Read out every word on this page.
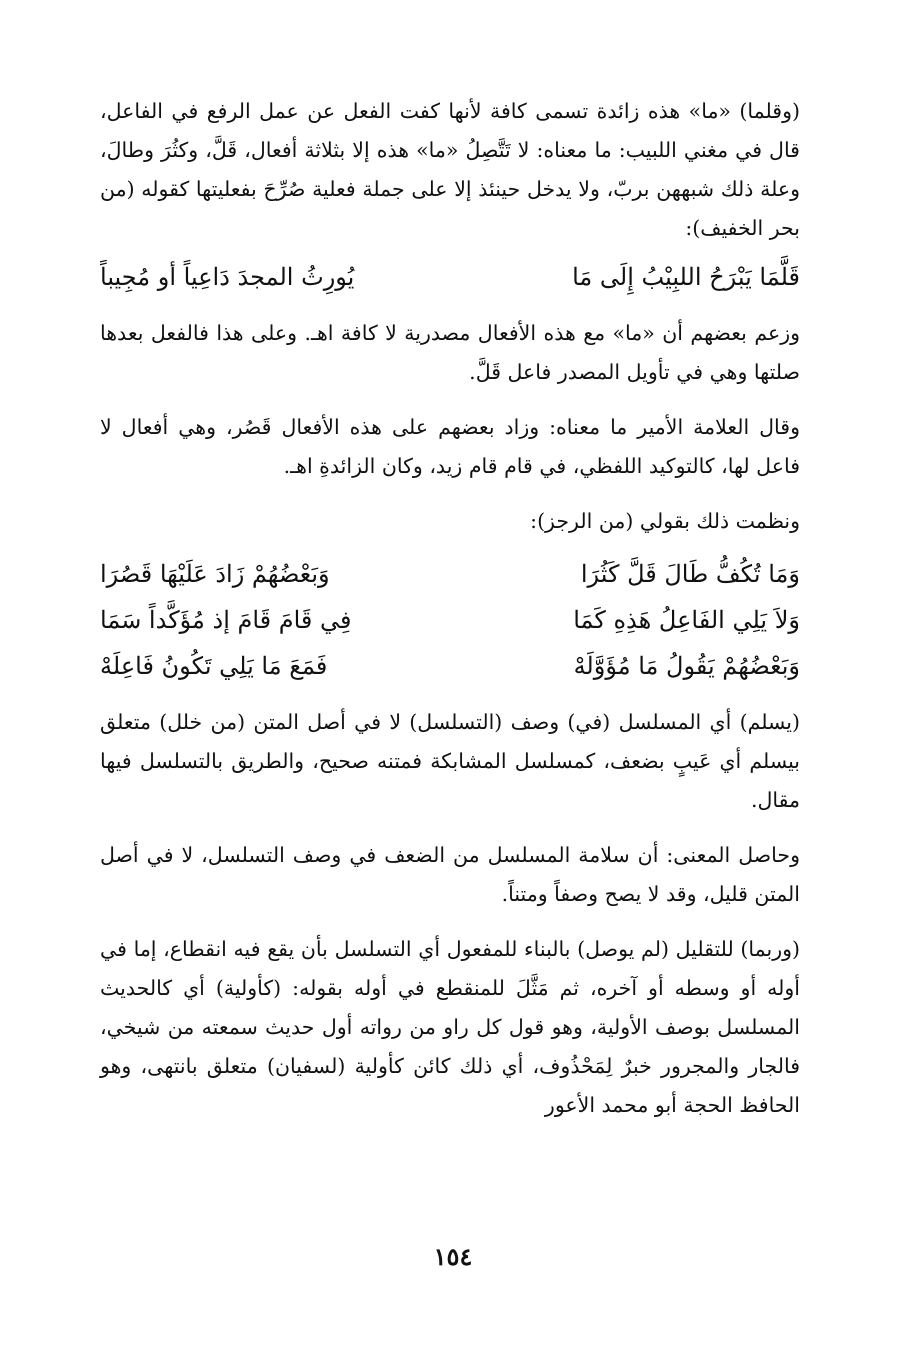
(وقلما) «ما» هذه زائدة تسمى كافة لأنها كفت الفعل عن عمل الرفع في الفاعل، قال في مغني اللبيب: ما معناه: لا تَتَّصِلُ «ما» هذه إلا بثلاثة أفعال، قَلَّ، وكثُرَ وطالَ، وعلة ذلك شبههن بربّ، ولا يدخل حينئذ إلا على جملة فعلية صُرِّحَ بفعليتها كقوله (من بحر الخفيف):

قَلَّمَا يَبْرَحُ اللبِيْبُ إِلَى مَا
يُورِثُ المجدَ دَاعِياً أو مُجِيباً

وزعم بعضهم أن «ما» مع هذه الأفعال مصدرية لا كافة اهـ. وعلى هذا فالفعل بعدها صلتها وهي في تأويل المصدر فاعل قَلَّ.

وقال العلامة الأمير ما معناه: وزاد بعضهم على هذه الأفعال قَصُر، وهي أفعال لا فاعل لها، كالتوكيد اللفظي، في قام قام زيد، وكان الزائدةِ اهـ.

ونظمت ذلك بقولي (من الرجز):

وَمَا تُكُفُّ طَالَ قَلَّ كَثُرَا
وَبَعْضُهُمْ زَادَ عَلَيْهَا قَصُرَا
وَلاَ يَلِي الفَاعِلُ هَذِهِ كَمَا
فِي قَامَ قَامَ إذ مُؤَكَّداً سَمَا
وَبَعْضُهُمْ يَقُولُ مَا مُؤَوَّلَهْ
فَمَعَ مَا يَلِي تَكُونُ فَاعِلَهْ

(يسلم) أي المسلسل (في) وصف (التسلسل) لا في أصل المتن (من خلل) متعلق بيسلم أي عَيبٍ بضعف، كمسلسل المشابكة فمتنه صحيح، والطريق بالتسلسل فيها مقال.

وحاصل المعنى: أن سلامة المسلسل من الضعف في وصف التسلسل، لا في أصل المتن قليل، وقد لا يصح وصفاً ومتناً.

(وربما) للتقليل (لم يوصل) بالبناء للمفعول أي التسلسل بأن يقع فيه انقطاع، إما في أوله أو وسطه أو آخره، ثم مَثَّلَ للمنقطع في أوله بقوله: (كأولية) أي كالحديث المسلسل بوصف الأولية، وهو قول كل راو من رواته أول حديث سمعته من شيخي، فالجار والمجرور خبرٌ لِمَحْذُوف، أي ذلك كائن كأولية (لسفيان) متعلق بانتهى، وهو الحافظ الحجة أبو محمد الأعور

١٥٤
